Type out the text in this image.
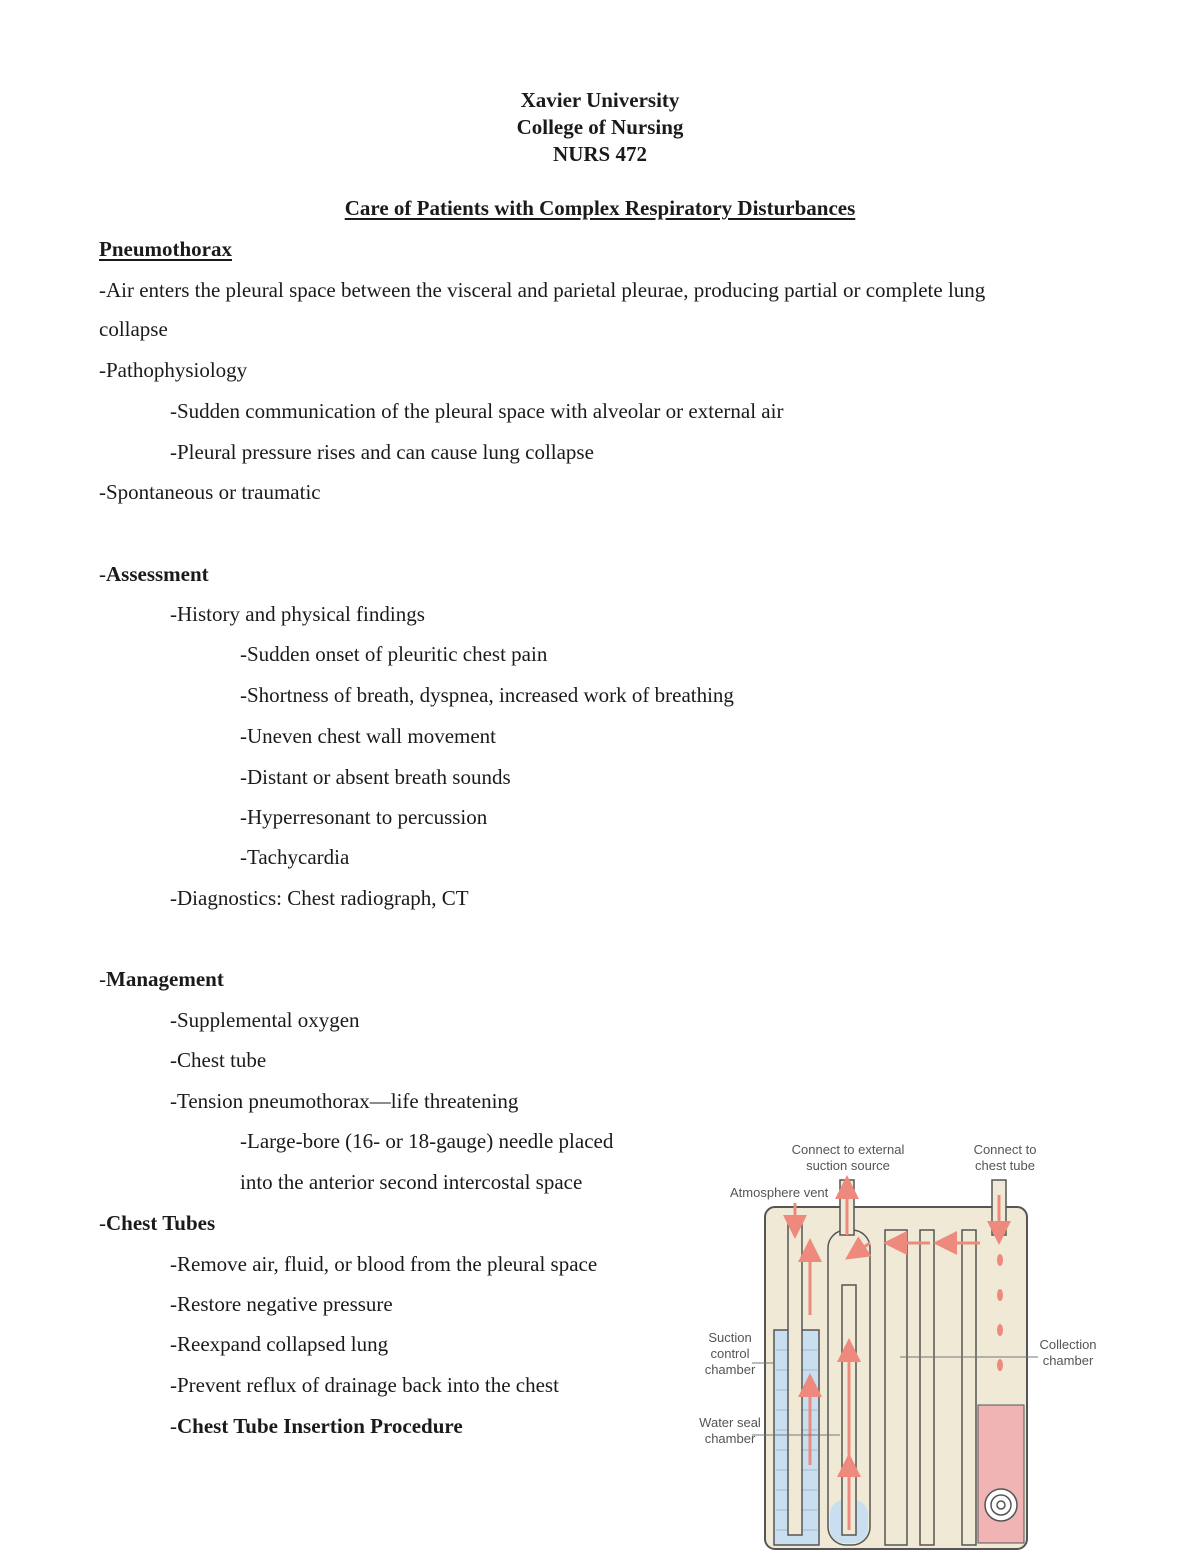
Xavier University
College of Nursing
NURS 472
Care of Patients with Complex Respiratory Disturbances
Pneumothorax
-Air enters the pleural space between the visceral and parietal pleurae, producing partial or complete lung
collapse
-Pathophysiology
-Sudden communication of the pleural space with alveolar or external air
-Pleural pressure rises and can cause lung collapse
-Spontaneous or traumatic
-Assessment
-History and physical findings
-Sudden onset of pleuritic chest pain
-Shortness of breath, dyspnea, increased work of breathing
-Uneven chest wall movement
-Distant or absent breath sounds
-Hyperresonant to percussion
-Tachycardia
-Diagnostics: Chest radiograph, CT
-Management
-Supplemental oxygen
-Chest tube
-Tension pneumothorax—life threatening
-Large-bore (16- or 18-gauge) needle placed
into the anterior second intercostal space
-Chest Tubes
-Remove air, fluid, or blood from the pleural space
-Restore negative pressure
-Reexpand collapsed lung
-Prevent reflux of drainage back into the chest
-Chest Tube Insertion Procedure
Connect to external
suction source
Connect to
chest tube
Atmosphere vent
Suction
control
chamber
Water seal
chamber
Collection
chamber
